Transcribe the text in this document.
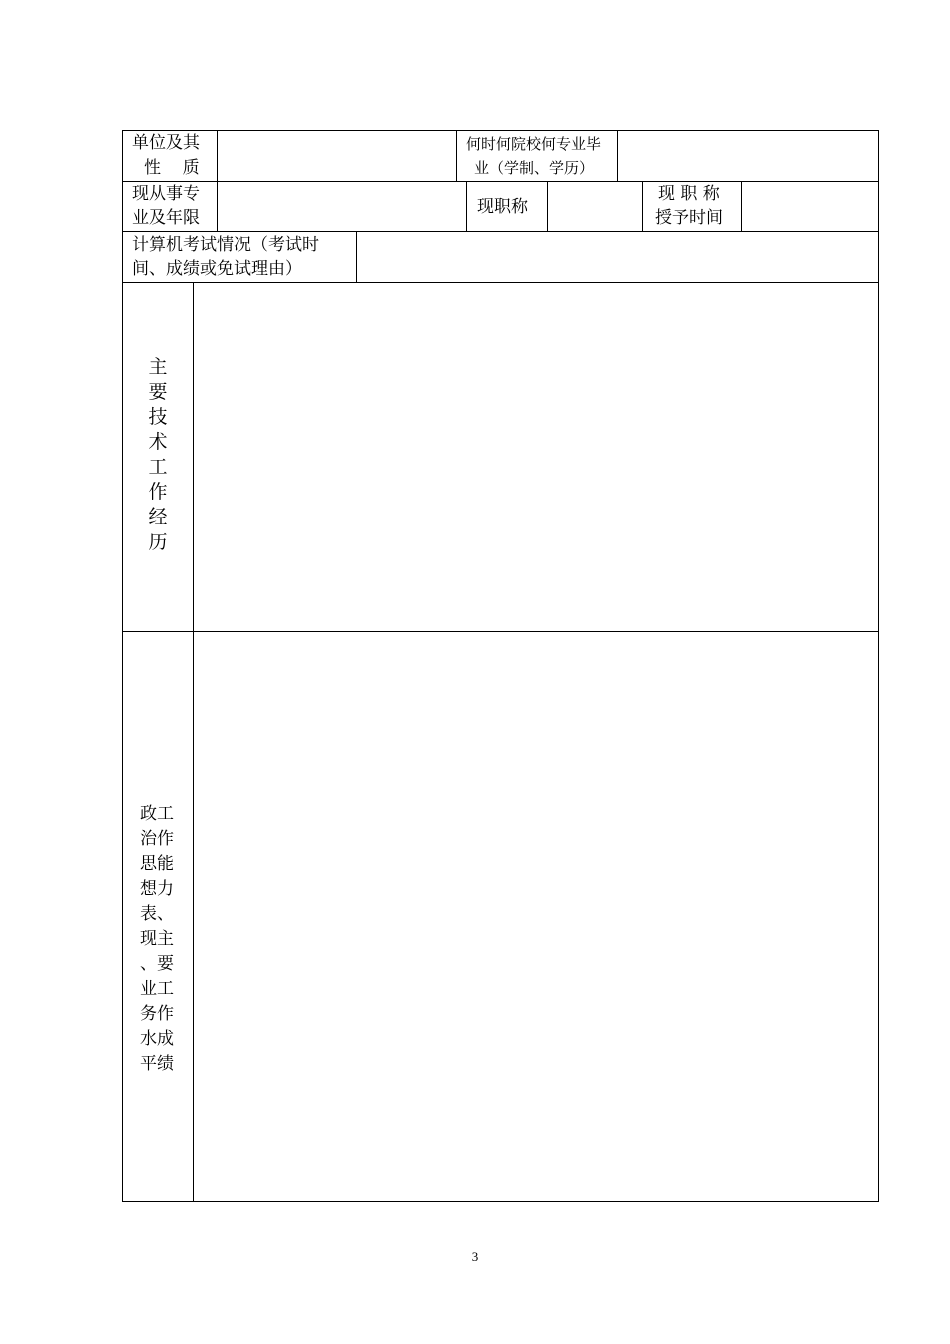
单位及其
性    质
何时何院校何专业毕
业（学制、学历）
现从事专
业及年限
现职称
现 职 称
授予时间
计算机考试情况（考试时
间、成绩或免试理由）
主
要
技
术
工
作
经
历
政工
治作
思能
想力
表、
现主
、要
业工
务作
水成
平绩
3
